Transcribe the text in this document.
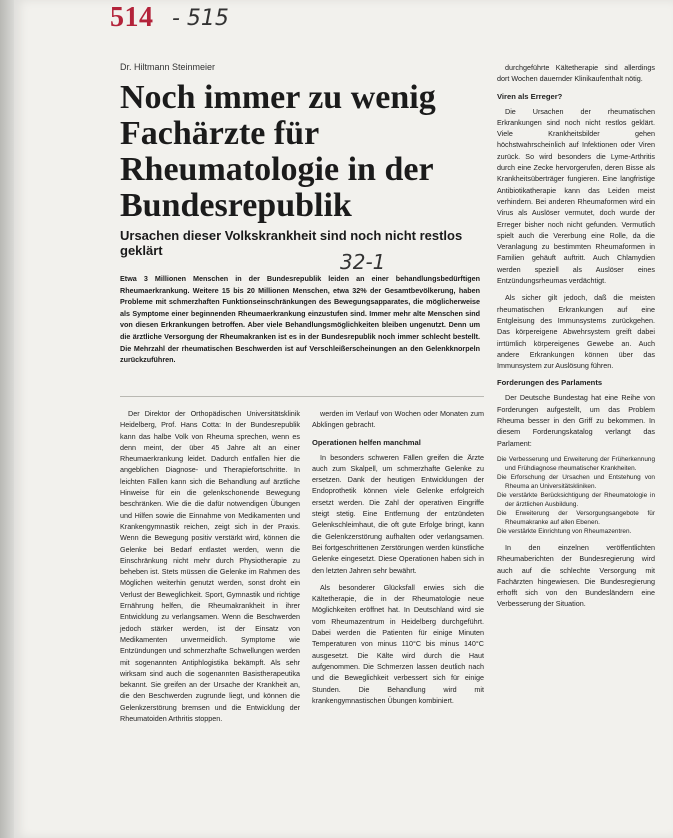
514 - 515
Dr. Hiltmann Steinmeier
Noch immer zu wenig Fachärzte für Rheumatologie in der Bundesrepublik
Ursachen dieser Volkskrankheit sind noch nicht restlos geklärt	32-1

Etwa 3 Millionen Menschen in der Bundesrepublik leiden an einer behandlungsbedürftigen Rheumaerkrankung. Weitere 15 bis 20 Millionen Menschen, etwa 32% der Gesamtbevölkerung, haben Probleme mit schmerzhaften Funktionseinschränkungen des Bewegungsapparates, die möglicherweise als Symptome einer beginnenden Rheumaerkrankung einzustufen sind. Immer mehr alte Menschen sind von diesen Erkrankungen betroffen. Aber viele Behandlungsmöglichkeiten bleiben ungenutzt. Denn um die ärztliche Versorgung der Rheumakranken ist es in der Bundesrepublik noch immer schlecht bestellt. Die Mehrzahl der rheumatischen Beschwerden ist auf Verschleißerscheinungen an den Gelenkknorpeln zurückzuführen.

Der Direktor der Orthopädischen Universitätsklinik Heidelberg, Prof. Hans Cotta: In der Bundesrepublik kann das halbe Volk von Rheuma sprechen, wenn es denn meint, der über 45 Jahre alt an einer Rheumaerkrankung leidet. Dadurch entfallen hier die angeblichen Diagnose- und Therapiefortschritte. In leichten Fällen kann sich die Behandlung auf ärztliche Hinweise für ein die gelenkschonende Bewegung beschränken. Wie die die dafür notwendigen Übungen und Hilfen sowie die Einnahme von Medikamenten und Krankengymnastik reichen, zeigt sich in der Praxis. Wenn die Bewegung positiv verstärkt wird, können die Gelenke bei Bedarf entlastet werden, wenn die Einschränkung nicht mehr durch Physiotherapie zu beheben ist. Stets müssen die Gelenke im Rahmen des Möglichen weiterhin genutzt werden, sonst droht ein Verlust der Beweglichkeit. Sport, Gymnastik und richtige Ernährung helfen, die Rheumakrankheit in ihrer Entwicklung zu verlangsamen. Wenn die Beschwerden jedoch stärker werden, ist der Einsatz von Medikamenten unvermeidlich. Symptome wie Entzündungen und schmerzhafte Schwellungen werden mit sogenannten Antiphlogistika bekämpft. Als sehr wirksam sind auch die sogenannten Basistherapeutika bekannt. Sie greifen an der Ursache der Krankheit an, die den Beschwerden zugrunde liegt, und können die Gelenkzerstörung bremsen und die Entwicklung der Rheumatoiden Arthritis stoppen.

werden im Verlauf von Wochen oder Monaten zum Abklingen gebracht.

Operationen helfen manchmal

In besonders schweren Fällen greifen die Ärzte auch zum Skalpell, um schmerzhafte Gelenke zu ersetzen. Dank der heutigen Entwicklungen der Endoprothetik können viele Gelenke erfolgreich ersetzt werden. Die Zahl der operativen Eingriffe steigt stetig. Eine Entfernung der entzündeten Gelenkschleimhaut, die oft gute Erfolge bringt, kann die Gelenkzerstörung aufhalten oder verlangsamen. Bei fortgeschrittenen Zerstörungen werden künstliche Gelenke eingesetzt. Diese Operationen haben sich in den letzten Jahren sehr bewährt.

Als besonderer Glücksfall erwies sich die Kältetherapie, die in der Rheumatologie neue Möglichkeiten eröffnet hat. In Deutschland wird sie vom Rheumazentrum in Heidelberg durchgeführt. Dabei werden die Patienten für einige Minuten Temperaturen von minus 110°C bis minus 140°C ausgesetzt. Die Kälte wird durch die Haut aufgenommen. Die Schmerzen lassen deutlich nach und die Beweglichkeit verbessert sich für einige Stunden. Die Behandlung wird mit krankengymnastischen Übungen kombiniert.

durchgeführte Kältetherapie sind allerdings dort Wochen dauernder Klinikaufenthalt nötig.

Viren als Erreger?

Die Ursachen der rheumatischen Erkrankungen sind noch nicht restlos geklärt. Viele Krankheitsbilder gehen höchstwahrscheinlich auf Infektionen oder Viren zurück. So wird besonders die Lyme-Arthritis durch eine Zecke hervorgerufen, deren Bisse als Krankheitsüberträger fungieren. Eine langfristige Antibiotikatherapie kann das Leiden meist verhindern. Bei anderen Rheumaformen wird ein Virus als Auslöser vermutet, doch wurde der Erreger bisher noch nicht gefunden. Vermutlich spielt auch die Vererbung eine Rolle, da die Veranlagung zu bestimmten Rheumaformen in Familien gehäuft auftritt. Auch Chlamydien werden speziell als Auslöser eines Entzündungsrheumas verdächtigt.

Als sicher gilt jedoch, daß die meisten rheumatischen Erkrankungen auf eine Entgleisung des Immunsystems zurückgehen. Das körpereigene Abwehrsystem greift dabei irrtümlich körpereigenes Gewebe an. Auch andere Erkrankungen können über das Immunsystem zur Auslösung führen.

Forderungen des Parlaments

Der Deutsche Bundestag hat eine Reihe von Forderungen aufgestellt, um das Problem Rheuma besser in den Griff zu bekommen. In diesem Forderungskatalog verlangt das Parlament:

Die Verbesserung und Erweiterung der Früherkennung und Frühdiagnose rheumatischer Krankheiten.
Die Erforschung der Ursachen und Entstehung von Rheuma an Universitätskliniken.
Die verstärkte Berücksichtigung der Rheumatologie in der ärztlichen Ausbildung.
Die Erweiterung der Versorgungsangebote für Rheumakranke auf allen Ebenen.
Die verstärkte Einrichtung von Rheumazentren.

In den einzelnen veröffentlichten Rheumaberichten der Bundesregierung wird auch auf die schlechte Versorgung mit Fachärzten hingewiesen. Die Bundesregierung erhofft sich von den Bundesländern eine Verbesserung der Situation.
